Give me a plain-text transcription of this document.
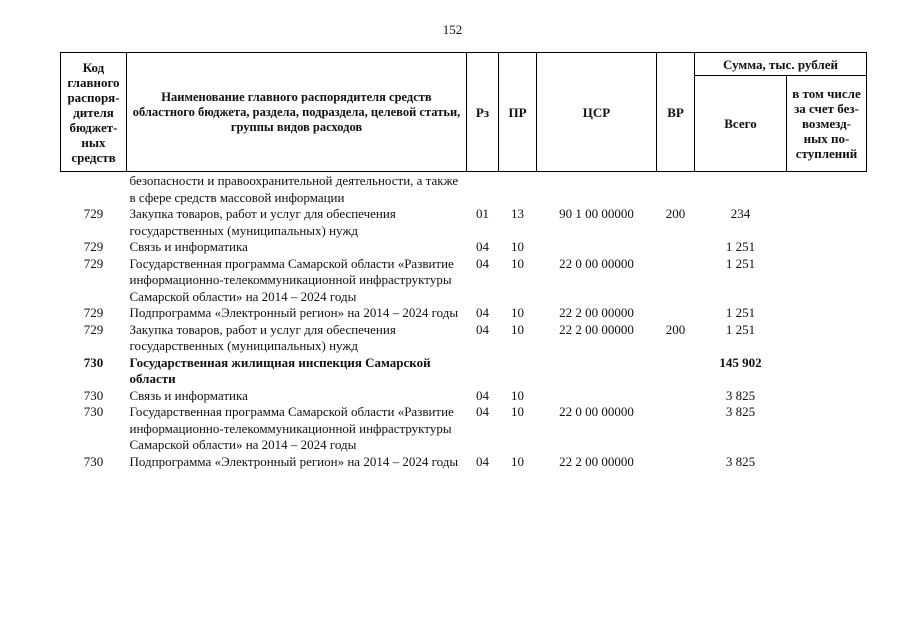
152
Код главного распоря-дителя бюджет-ных средств	Наименование главного распорядителя средств областного бюджета, раздела, подраздела, целевой статьи, группы видов расходов	Рз	ПР	ЦСР	ВР	Сумма, тыс. рублей	
						Всего	в том числе за счет без-возмезд-ных по-ступлений
	безопасности и правоохранительной деятельности, а также в сфере средств массовой информации						
729	Закупка товаров, работ и услуг для обеспечения государственных (муниципальных) нужд	01	13	90 1 00 00000	200	234	
729	Связь и информатика	04	10			1 251	
729	Государственная программа Самарской области «Развитие информационно-телекоммуникационной инфраструктуры Самарской области» на 2014 – 2024 годы	04	10	22 0 00 00000		1 251	
729	Подпрограмма «Электронный регион» на 2014 – 2024 годы	04	10	22 2 00 00000		1 251	
729	Закупка товаров, работ и услуг для обеспечения государственных (муниципальных) нужд	04	10	22 2 00 00000	200	1 251	
730	Государственная жилищная инспекция Самарской области					145 902	
730	Связь и информатика	04	10			3 825	
730	Государственная программа Самарской области «Развитие информационно-телекоммуникационной инфраструктуры Самарской области» на 2014 – 2024 годы	04	10	22 0 00 00000		3 825	
730	Подпрограмма «Электронный регион» на 2014 – 2024 годы	04	10	22 2 00 00000		3 825	
